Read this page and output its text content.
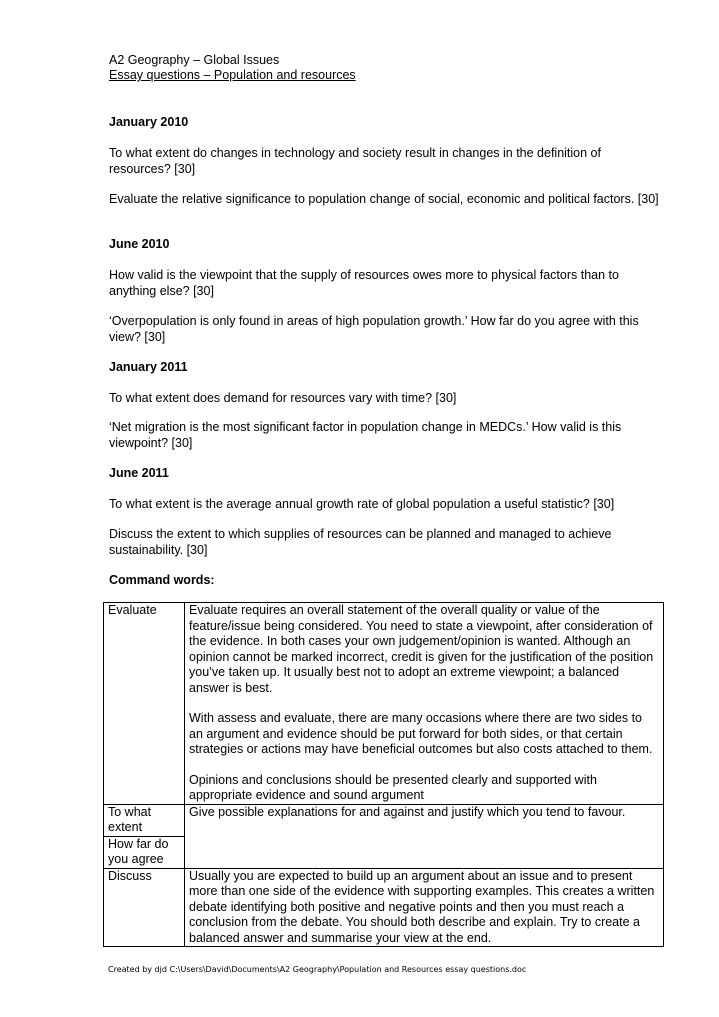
A2 Geography – Global Issues
Essay questions – Population and resources
January 2010
To what extent do changes in technology and society result in changes in the definition of resources? [30]
Evaluate the relative significance to population change of social, economic and political factors. [30]
June 2010
How valid is the viewpoint that the supply of resources owes more to physical factors than to anything else? [30]
‘Overpopulation is only found in areas of high population growth.’ How far do you agree with this view? [30]
January 2011
To what extent does demand for resources vary with time? [30]
‘Net migration is the most significant factor in population change in MEDCs.’ How valid is this viewpoint? [30]
June 2011
To what extent is the average annual growth rate of global population a useful statistic? [30]
Discuss the extent to which supplies of resources can be planned and managed to achieve sustainability. [30]
Command words:
Evaluate	Evaluate requires an overall statement of the overall quality or value of the feature/issue being considered. You need to state a viewpoint, after consideration of the evidence. In both cases your own judgement/opinion is wanted. Although an opinion cannot be marked incorrect, credit is given for the justification of the position you’ve taken up. It usually best not to adopt an extreme viewpoint; a balanced answer is best.

With assess and evaluate, there are many occasions where there are two sides to an argument and evidence should be put forward for both sides, or that certain strategies or actions may have beneficial outcomes but also costs attached to them.

Opinions and conclusions should be presented clearly and supported with appropriate evidence and sound argument

To what extent	Give possible explanations for and against and justify which you tend to favour.

How far do you agree	
Discuss	Usually you are expected to build up an argument about an issue and to present more than one side of the evidence with supporting examples. This creates a written debate identifying both positive and negative points and then you must reach a conclusion from the debate. You should both describe and explain. Try to create a balanced answer and summarise your view at the end.

Created by djd C:\Users\David\Documents\A2 Geography\Population and Resources essay questions.doc
